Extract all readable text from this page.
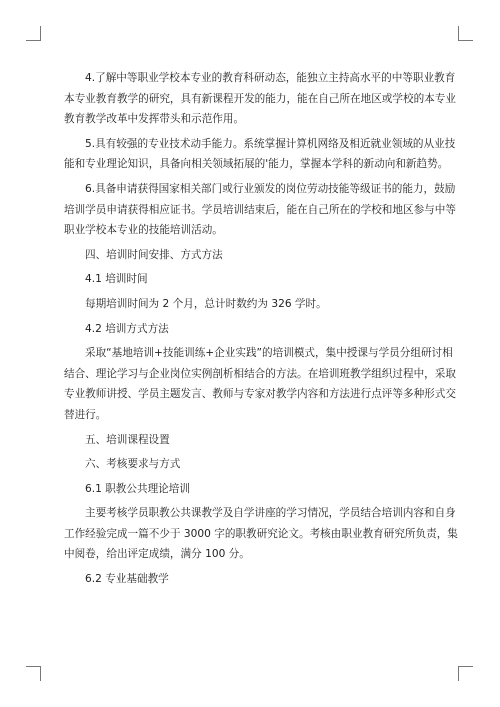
4.了解中等职业学校本专业的教育科研动态，能独立主持高水平的中等职业教育
本专业教育教学的研究，具有新课程开发的能力，能在自己所在地区或学校的本专业
教育教学改革中发挥带头和示范作用。

5.具有较强的专业技术动手能力。系统掌握计算机网络及相近就业领域的从业技
能和专业理论知识，具备向相关领域拓展的'能力，掌握本学科的新动向和新趋势。

6.具备申请获得国家相关部门或行业颁发的岗位劳动技能等级证书的能力，鼓励
培训学员申请获得相应证书。学员培训结束后，能在自己所在的学校和地区参与中等
职业学校本专业的技能培训活动。

四、培训时间安排、方式方法

4.1 培训时间

每期培训时间为 2 个月，总计时数约为 326 学时。

4.2 培训方式方法

采取“基地培训+技能训练+企业实践”的培训模式，集中授课与学员分组研讨相
结合、理论学习与企业岗位实例剖析相结合的方法。在培训班教学组织过程中，采取
专业教师讲授、学员主题发言、教师与专家对教学内容和方法进行点评等多种形式交
替进行。

五、培训课程设置

六、考核要求与方式

6.1 职教公共理论培训

主要考核学员职教公共课教学及自学讲座的学习情况，学员结合培训内容和自身
工作经验完成一篇不少于 3000 字的职教研究论文。考核由职业教育研究所负责，集
中阅卷，给出评定成绩，满分 100 分。

6.2 专业基础教学
